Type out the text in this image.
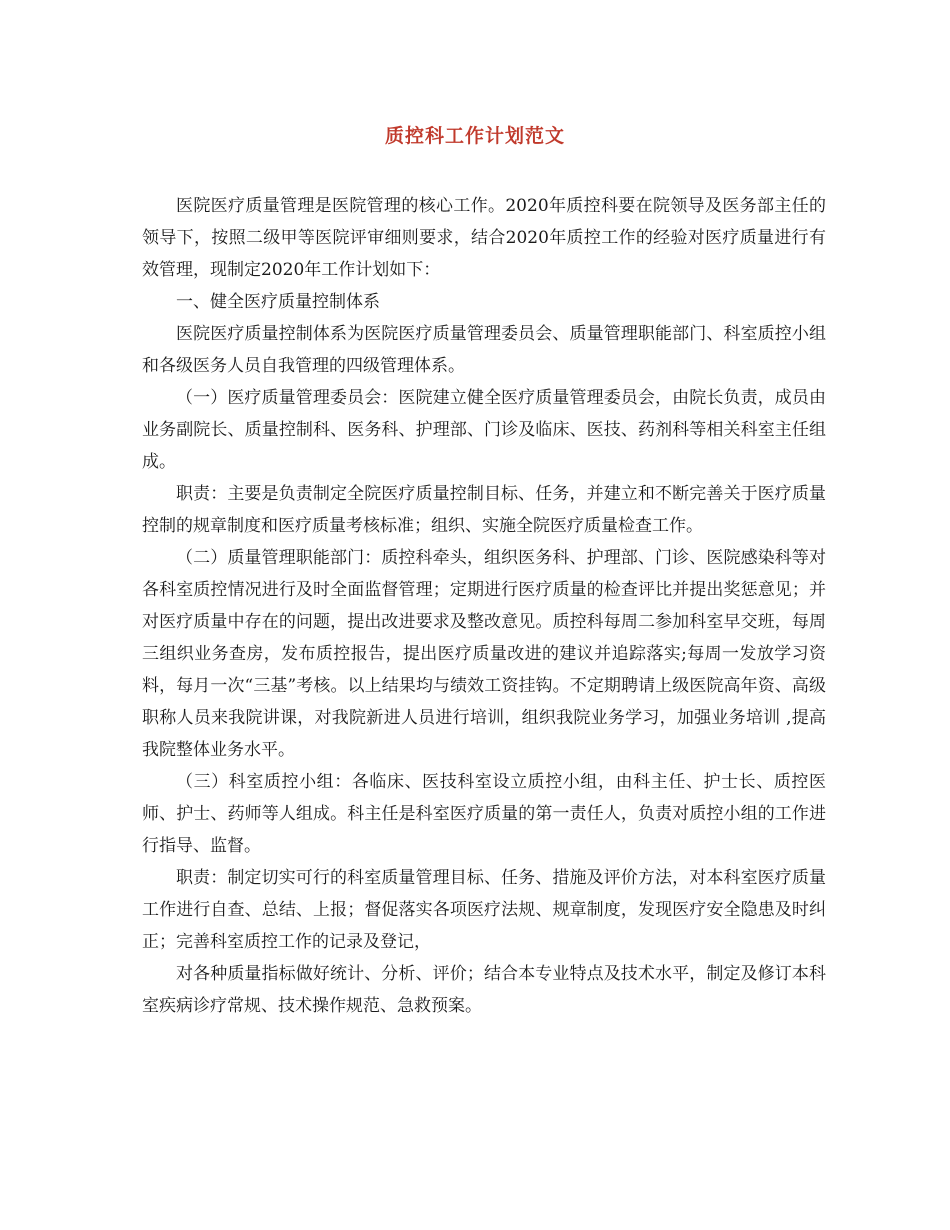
质控科工作计划范文

医院医疗质量管理是医院管理的核心工作。2020年质控科要在院领导及医务部主任的领导下，按照二级甲等医院评审细则要求，结合2020年质控工作的经验对医疗质量进行有效管理，现制定2020年工作计划如下：

一、健全医疗质量控制体系

医院医疗质量控制体系为医院医疗质量管理委员会、质量管理职能部门、科室质控小组和各级医务人员自我管理的四级管理体系。

（一）医疗质量管理委员会：医院建立健全医疗质量管理委员会，由院长负责，成员由业务副院长、质量控制科、医务科、护理部、门诊及临床、医技、药剂科等相关科室主任组成。

职责：主要是负责制定全院医疗质量控制目标、任务，并建立和不断完善关于医疗质量控制的规章制度和医疗质量考核标准；组织、实施全院医疗质量检查工作。

（二）质量管理职能部门：质控科牵头，组织医务科、护理部、门诊、医院感染科等对各科室质控情况进行及时全面监督管理；定期进行医疗质量的检查评比并提出奖惩意见；并对医疗质量中存在的问题，提出改进要求及整改意见。质控科每周二参加科室早交班，每周三组织业务查房，发布质控报告，提出医疗质量改进的建议并追踪落实;每周一发放学习资料，每月一次“三基”考核。以上结果均与绩效工资挂钩。不定期聘请上级医院高年资、高级职称人员来我院讲课，对我院新进人员进行培训，组织我院业务学习，加强业务培训 ,提高我院整体业务水平。

（三）科室质控小组：各临床、医技科室设立质控小组，由科主任、护士长、质控医师、护士、药师等人组成。科主任是科室医疗质量的第一责任人，负责对质控小组的工作进行指导、监督。

职责：制定切实可行的科室质量管理目标、任务、措施及评价方法，对本科室医疗质量工作进行自查、总结、上报；督促落实各项医疗法规、规章制度，发现医疗安全隐患及时纠正；完善科室质控工作的记录及登记，

对各种质量指标做好统计、分析、评价；结合本专业特点及技术水平，制定及修订本科室疾病诊疗常规、技术操作规范、急救预案。
